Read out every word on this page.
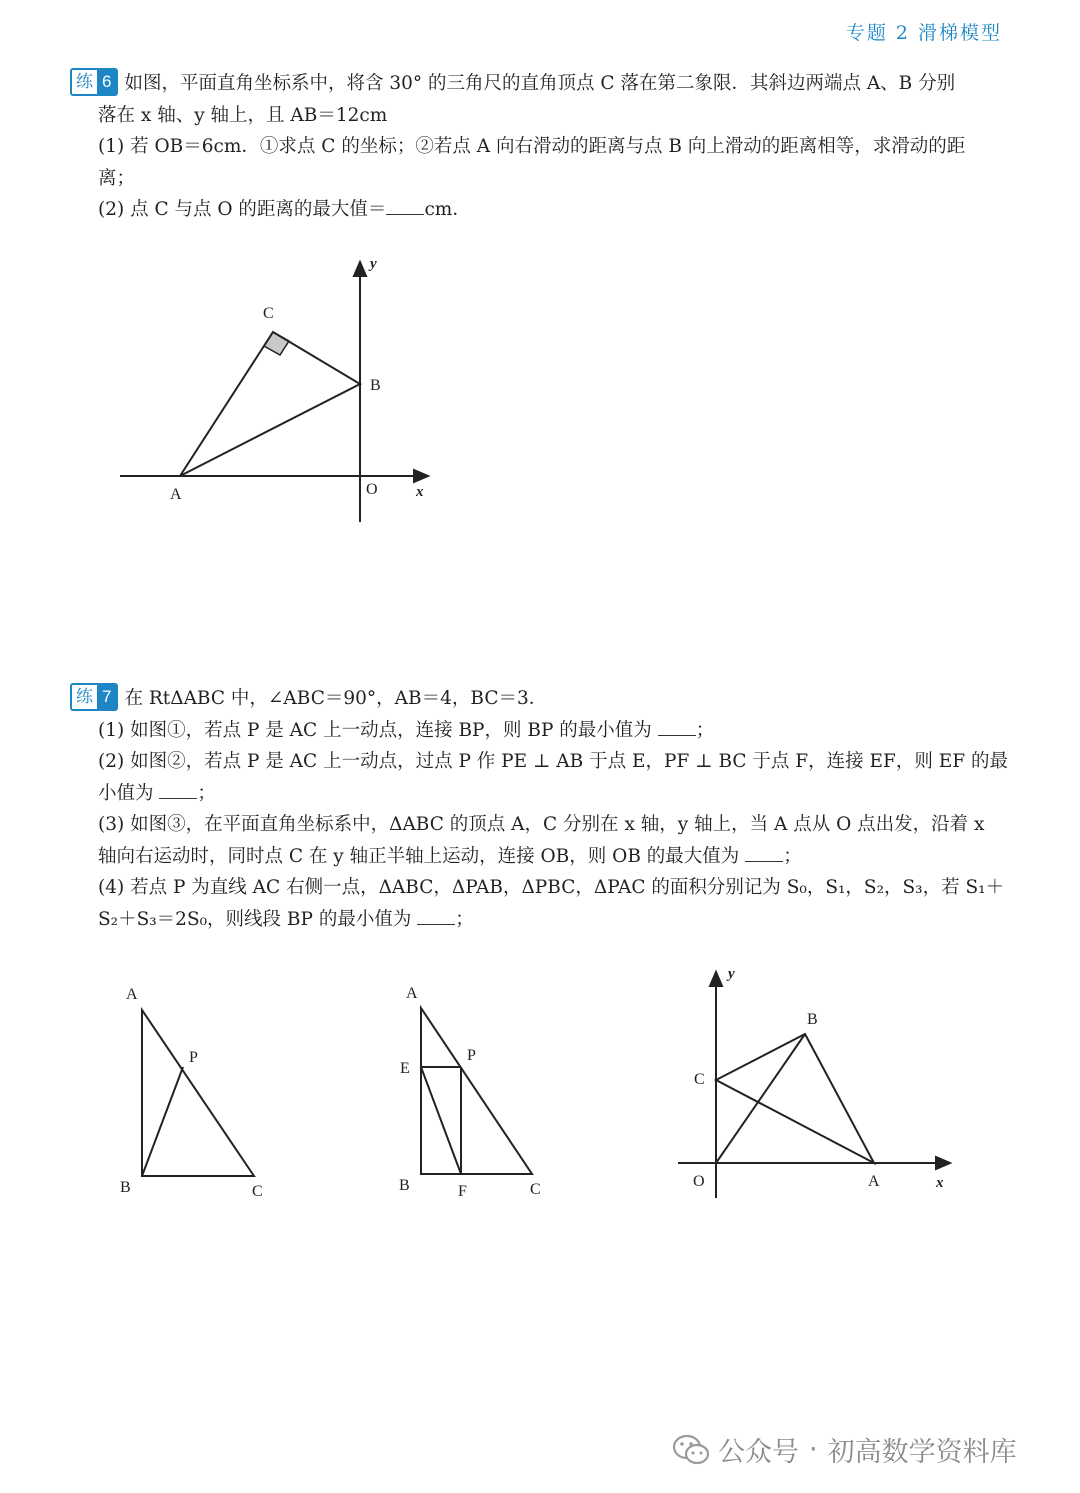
专题 2 滑梯模型

练 6 如图，平面直角坐标系中，将含 30° 的三角尺的直角顶点 C 落在第二象限．其斜边两端点 A、B 分别

落在 x 轴、y 轴上，且 AB＝12cm

(1) 若 OB＝6cm．①求点 C 的坐标；②若点 A 向右滑动的距离与点 B 向上滑动的距离相等，求滑动的距

离；

(2) 点 C 与点 O 的距离的最大值＝ cm．

C
B
A	O	x
y

练 7 在 RtΔABC 中，∠ABC＝90°，AB＝4，BC＝3．

(1) 如图①，若点 P 是 AC 上一动点，连接 BP，则 BP 的最小值为 ；

(2) 如图②，若点 P 是 AC 上一动点，过点 P 作 PE ⊥ AB 于点 E，PF ⊥ BC 于点 F，连接 EF，则 EF 的最

小值为 ；

(3) 如图③，在平面直角坐标系中，ΔABC 的顶点 A，C 分别在 x 轴，y 轴上，当 A 点从 O 点出发，沿着 x

轴向右运动时，同时点 C 在 y 轴正半轴上运动，连接 OB，则 OB 的最大值为 ；

(4) 若点 P 为直线 AC 右侧一点，ΔABC，ΔPAB，ΔPBC，ΔPAC 的面积分别记为 S₀，S₁，S₂，S₃，若 S₁＋

S₂＋S₃＝2S₀，则线段 BP 的最小值为 ；

A
P
B	C
A
E
P
B	F	C
y
B
C
O	A	x
公众号 · 初高数学资料库
